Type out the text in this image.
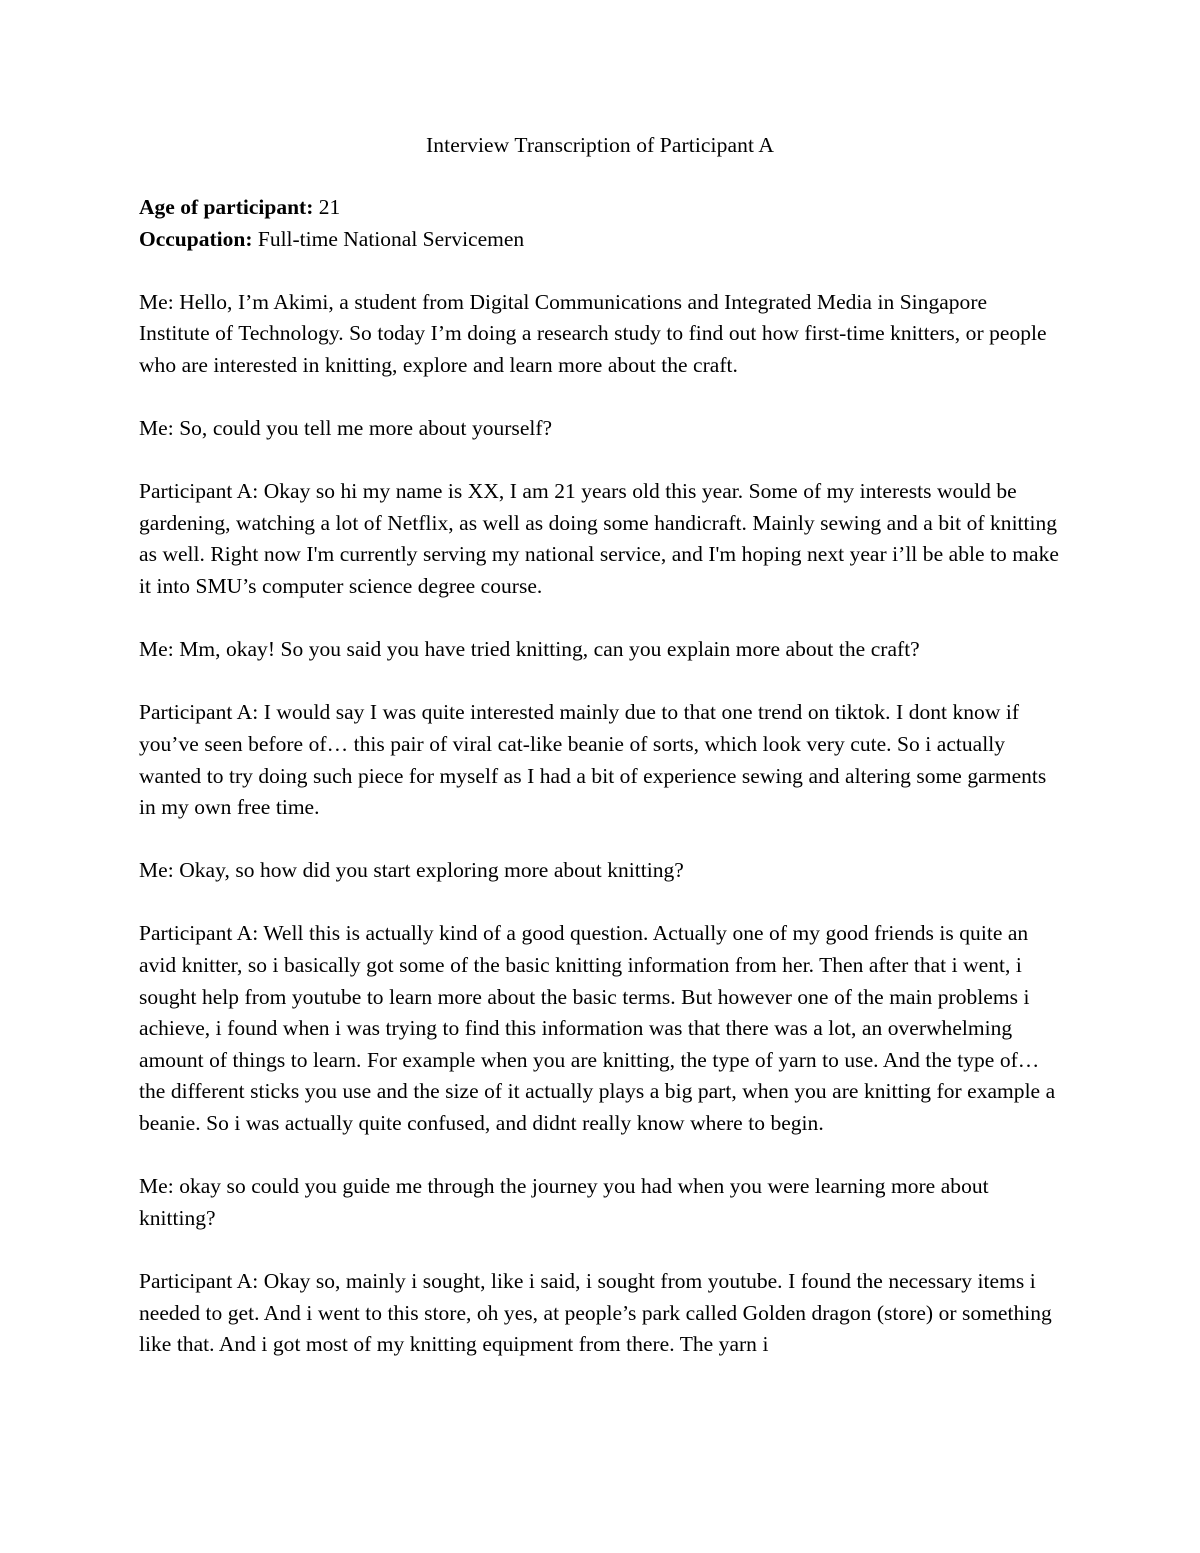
Interview Transcription of Participant A
Age of participant: 21
Occupation: Full-time National Servicemen

Me: Hello, I’m Akimi, a student from Digital Communications and Integrated Media in Singapore Institute of Technology. So today I’m doing a research study to find out how first-time knitters, or people who are interested in knitting, explore and learn more about the craft.

Me: So, could you tell me more about yourself?

Participant A: Okay so hi my name is XX, I am 21 years old this year. Some of my interests would be gardening, watching a lot of Netflix, as well as doing some handicraft. Mainly sewing and a bit of knitting as well. Right now I'm currently serving my national service, and I'm hoping next year i’ll be able to make it into SMU’s computer science degree course.

Me: Mm, okay! So you said you have tried knitting, can you explain more about the craft?

Participant A: I would say I was quite interested mainly due to that one trend on tiktok. I dont know if you’ve seen before of… this pair of viral cat-like beanie of sorts, which look very cute. So i actually wanted to try doing such piece for myself as I had a bit of experience sewing and altering some garments in my own free time.

Me: Okay, so how did you start exploring more about knitting?

Participant A: Well this is actually kind of a good question. Actually one of my good friends is quite an avid knitter, so i basically got some of the basic knitting information from her. Then after that i went, i sought help from youtube to learn more about the basic terms. But however one of the main problems i achieve, i found when i was trying to find this information was that there was a lot, an overwhelming amount of things to learn. For example when you are knitting, the type of yarn to use. And the type of… the different sticks you use and the size of it actually plays a big part, when you are knitting for example a beanie. So i was actually quite confused, and didnt really know where to begin.

Me: okay so could you guide me through the journey you had when you were learning more about knitting?

Participant A: Okay so, mainly i sought, like i said, i sought from youtube. I found the necessary items i needed to get. And i went to this store, oh yes, at people’s park called Golden dragon (store) or something like that. And i got most of my knitting equipment from there. The yarn i
